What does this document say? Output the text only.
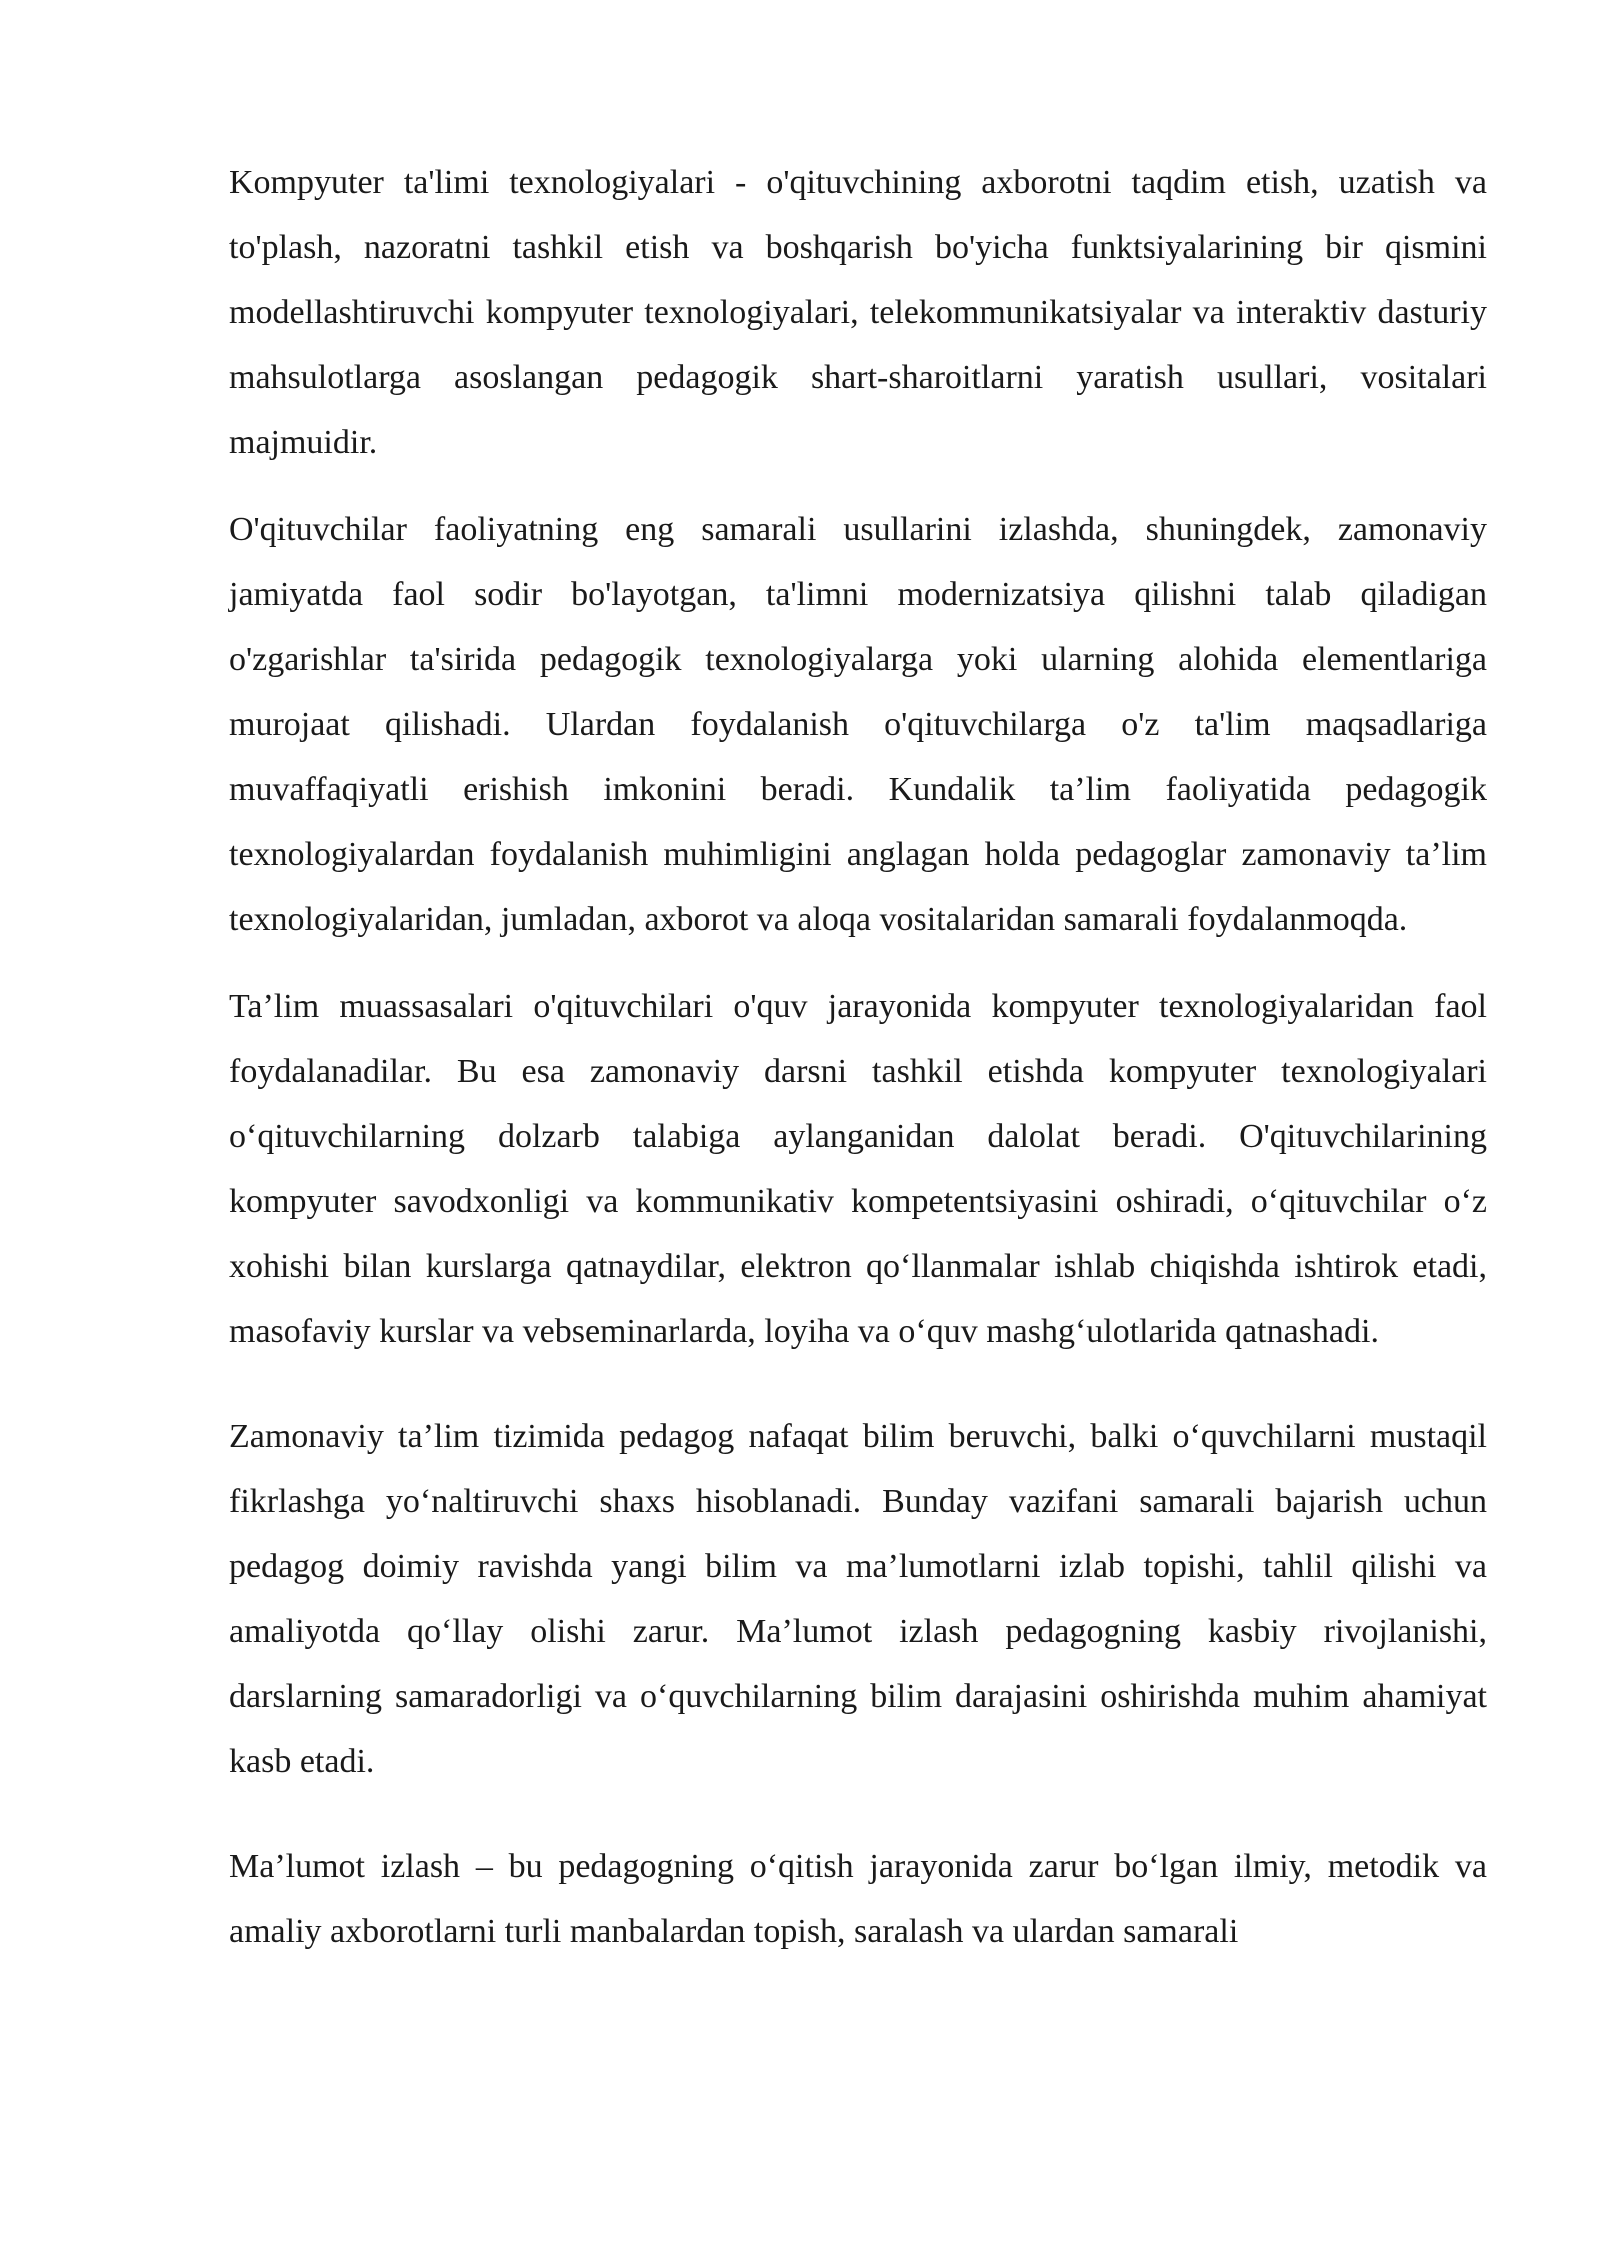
Kompyuter ta'limi texnologiyalari - o'qituvchining axborotni taqdim etish, uzatish va to'plash, nazoratni tashkil etish va boshqarish bo'yicha funktsiyalarining bir qismini modellashtiruvchi kompyuter texnologiyalari, telekommunikatsiyalar va interaktiv dasturiy mahsulotlarga asoslangan pedagogik shart-sharoitlarni yaratish usullari, vositalari majmuidir.

O'qituvchilar faoliyatning eng samarali usullarini izlashda, shuningdek, zamonaviy jamiyatda faol sodir bo'layotgan, ta'limni modernizatsiya qilishni talab qiladigan o'zgarishlar ta'sirida pedagogik texnologiyalarga yoki ularning alohida elementlariga murojaat qilishadi. Ulardan foydalanish o'qituvchilarga o'z ta'lim maqsadlariga muvaffaqiyatli erishish imkonini beradi. Kundalik ta’lim faoliyatida pedagogik texnologiyalardan foydalanish muhimligini anglagan holda pedagoglar zamonaviy ta’lim texnologiyalaridan, jumladan, axborot va aloqa vositalaridan samarali foydalanmoqda.

Ta’lim muassasalari o'qituvchilari o'quv jarayonida kompyuter texnologiyalaridan faol foydalanadilar. Bu esa zamonaviy darsni tashkil etishda kompyuter texnologiyalari o‘qituvchilarning dolzarb talabiga aylanganidan dalolat beradi. O'qituvchilarining kompyuter savodxonligi va kommunikativ kompetentsiyasini oshiradi, o‘qituvchilar o‘z xohishi bilan kurslarga qatnaydilar, elektron qo‘llanmalar ishlab chiqishda ishtirok etadi, masofaviy kurslar va vebseminarlarda, loyiha va o‘quv mashg‘ulotlarida qatnashadi.

Zamonaviy ta’lim tizimida pedagog nafaqat bilim beruvchi, balki o‘quvchilarni mustaqil fikrlashga yo‘naltiruvchi shaxs hisoblanadi. Bunday vazifani samarali bajarish uchun pedagog doimiy ravishda yangi bilim va ma’lumotlarni izlab topishi, tahlil qilishi va amaliyotda qo‘llay olishi zarur. Ma’lumot izlash pedagogning kasbiy rivojlanishi, darslarning samaradorligi va o‘quvchilarning bilim darajasini oshirishda muhim ahamiyat kasb etadi.

Ma’lumot izlash – bu pedagogning o‘qitish jarayonida zarur bo‘lgan ilmiy, metodik va amaliy axborotlarni turli manbalardan topish, saralash va ulardan samarali
